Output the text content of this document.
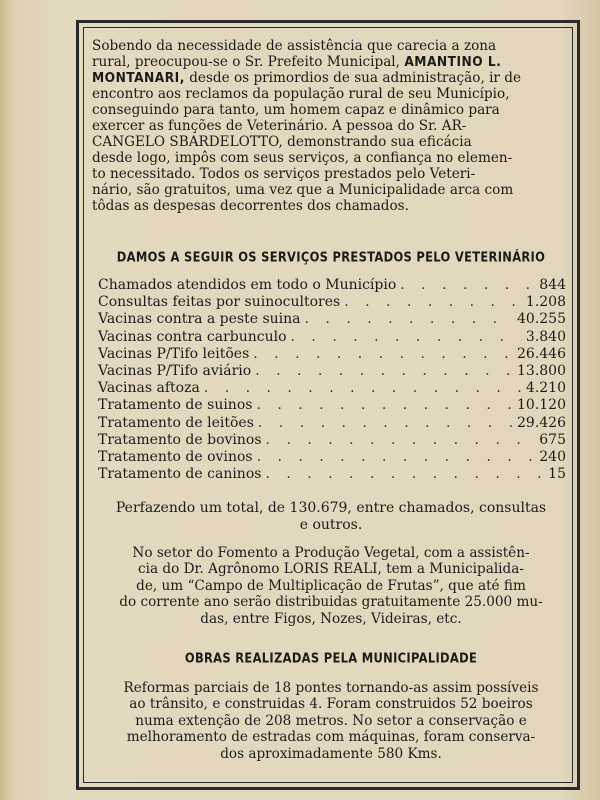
Sobendo da necessidade de assistência que carecia a zona
rural, preocupou-se o Sr. Prefeito Municipal, AMANTINO L.
MONTANARI, desde os primordios de sua administração, ir de
encontro aos reclamos da população rural de seu Município,
conseguindo para tanto, um homem capaz e dinâmico para
exercer as funções de Veterinário. A pessoa do Sr. AR-
CANGELO SBARDELOTTO, demonstrando sua eficácia
desde logo, impôs com seus serviços, a confiança no elemen-
to necessitado. Todos os serviços prestados pelo Veteri-
nário, são gratuitos, uma vez que a Municipalidade arca com
tôdas as despesas decorrentes dos chamados.
DAMOS A SEGUIR OS SERVIÇOS PRESTADOS PELO VETERINÁRIO
Chamados atendidos em todo o Município . . .	844
Consultas feitas por suinocultores . . .	1.208
Vacinas contra a peste suina . . .	40.255
Vacinas contra carbunculo . . .	3.840
Vacinas P/Tifo leitões . . .	26.446
Vacinas P/Tifo aviário . . .	13.800
Vacinas aftoza . . .	4.210
Tratamento de suinos . . .	10.120
Tratamento de leitões . . .	29.426
Tratamento de bovinos . . .	675
Tratamento de ovinos . . .	240
Tratamento de caninos . . .	15
Perfazendo um total, de 130.679, entre chamados, consultas
e outros.
No setor do Fomento a Produção Vegetal, com a assistên-
cia do Dr. Agrônomo LORIS REALI, tem a Municipalida-
de, um “Campo de Multiplicação de Frutas”, que até fim
do corrente ano serão distribuidas gratuitamente 25.000 mu-
das, entre Figos, Nozes, Videiras, etc.
OBRAS REALIZADAS PELA MUNICIPALIDADE
Reformas parciais de 18 pontes tornando-as assim possíveis
ao trânsito, e construidas 4. Foram construidos 52 boeiros
numa extenção de 208 metros. No setor a conservação e
melhoramento de estradas com máquinas, foram conserva-
dos aproximadamente 580 Kms.
